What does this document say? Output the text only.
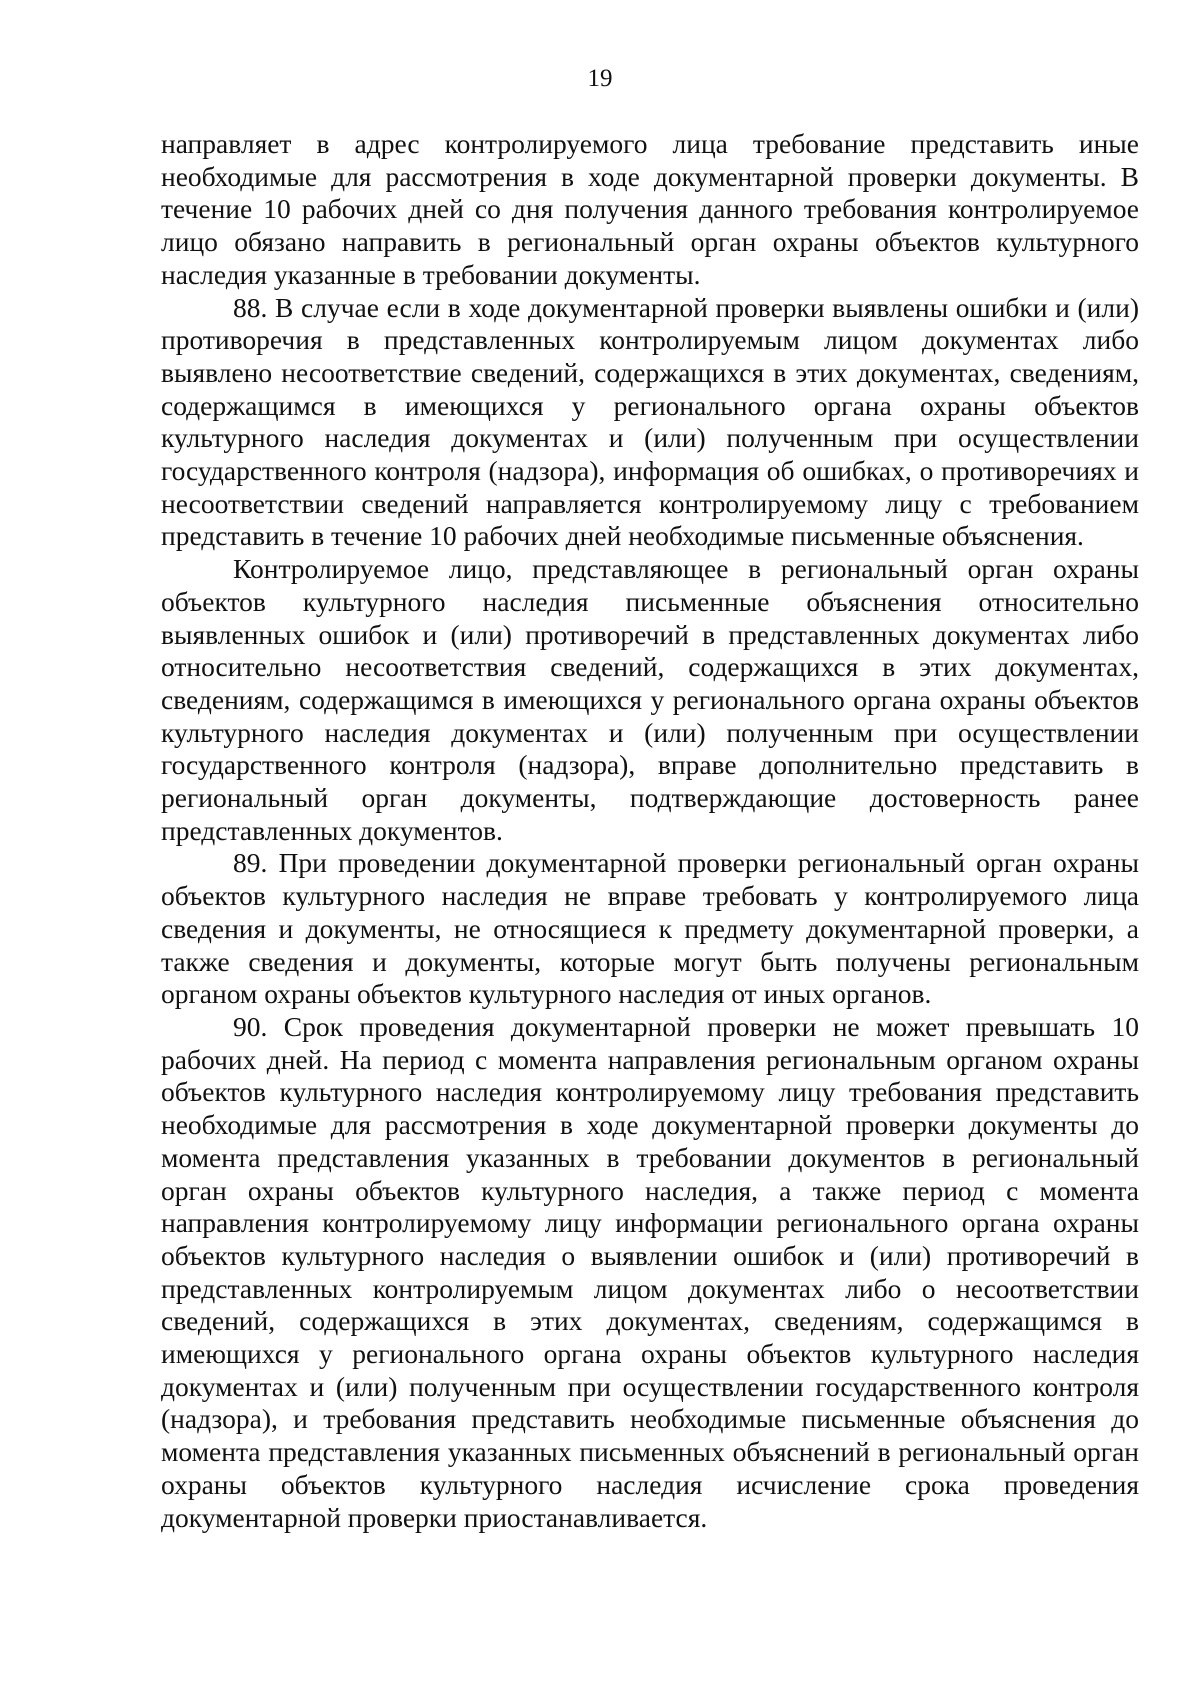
19

направляет в адрес контролируемого лица требование представить иные необходимые для рассмотрения в ходе документарной проверки документы. В течение 10 рабочих дней со дня получения данного требования контролируемое лицо обязано направить в региональный орган охраны объектов культурного наследия указанные в требовании документы.

88. В случае если в ходе документарной проверки выявлены ошибки и (или) противоречия в представленных контролируемым лицом документах либо выявлено несоответствие сведений, содержащихся в этих документах, сведениям, содержащимся в имеющихся у регионального органа охраны объектов культурного наследия документах и (или) полученным при осуществлении государственного контроля (надзора), информация об ошибках, о противоречиях и несоответствии сведений направляется контролируемому лицу с требованием представить в течение 10 рабочих дней необходимые письменные объяснения.

Контролируемое лицо, представляющее в региональный орган охраны объектов культурного наследия письменные объяснения относительно выявленных ошибок и (или) противоречий в представленных документах либо относительно несоответствия сведений, содержащихся в этих документах, сведениям, содержащимся в имеющихся у регионального органа охраны объектов культурного наследия документах и (или) полученным при осуществлении государственного контроля (надзора), вправе дополнительно представить в региональный орган документы, подтверждающие достоверность ранее представленных документов.

89. При проведении документарной проверки региональный орган охраны объектов культурного наследия не вправе требовать у контролируемого лица сведения и документы, не относящиеся к предмету документарной проверки, а также сведения и документы, которые могут быть получены региональным органом охраны объектов культурного наследия от иных органов.

90. Срок проведения документарной проверки не может превышать 10 рабочих дней. На период с момента направления региональным органом охраны объектов культурного наследия контролируемому лицу требования представить необходимые для рассмотрения в ходе документарной проверки документы до момента представления указанных в требовании документов в региональный орган охраны объектов культурного наследия, а также период с момента направления контролируемому лицу информации регионального органа охраны объектов культурного наследия о выявлении ошибок и (или) противоречий в представленных контролируемым лицом документах либо о несоответствии сведений, содержащихся в этих документах, сведениям, содержащимся в имеющихся у регионального органа охраны объектов культурного наследия документах и (или) полученным при осуществлении государственного контроля (надзора), и требования представить необходимые письменные объяснения до момента представления указанных письменных объяснений в региональный орган охраны объектов культурного наследия исчисление срока проведения документарной проверки приостанавливается.
